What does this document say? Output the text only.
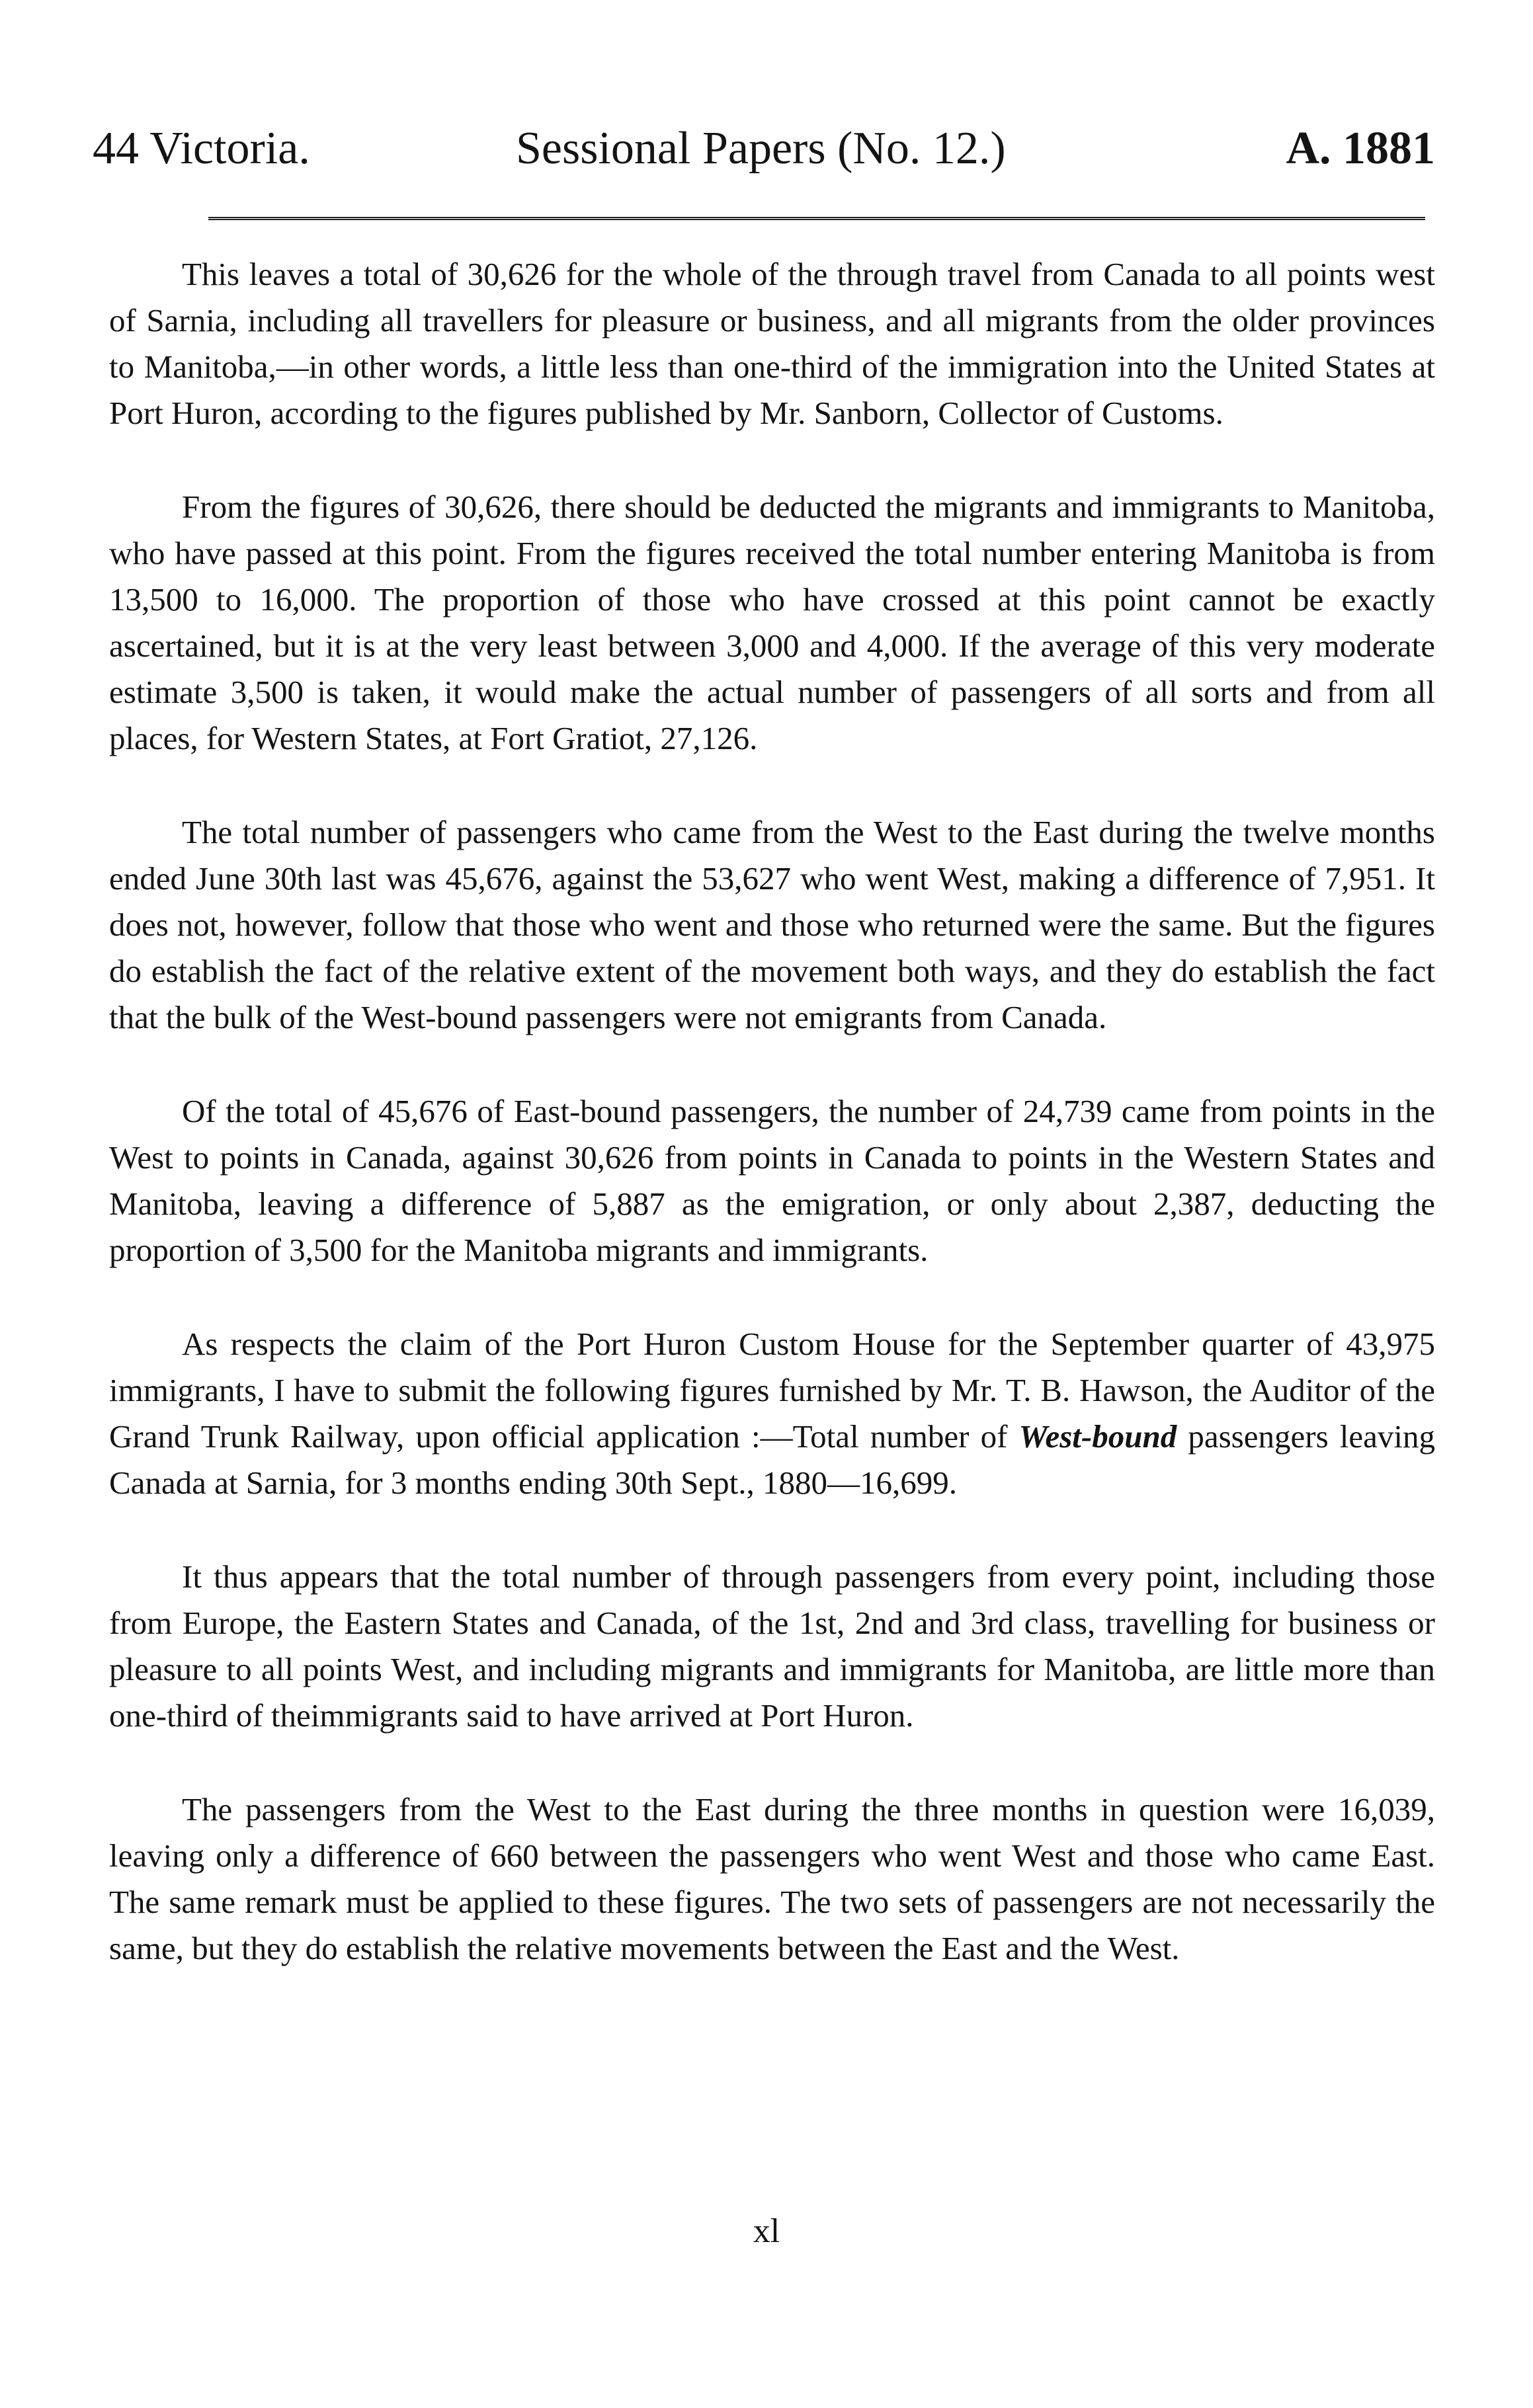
44 Victoria.	Sessional Papers (No. 12.)	A. 1881

This leaves a total of 30,626 for the whole of the through travel from Canada to all points west of Sarnia, including all travellers for pleasure or business, and all migrants from the older provinces to Manitoba,—in other words, a little less than one-third of the immigration into the United States at Port Huron, according to the figures published by Mr. Sanborn, Collector of Customs.

From the figures of 30,626, there should be deducted the migrants and immigrants to Manitoba, who have passed at this point. From the figures received the total number entering Manitoba is from 13,500 to 16,000. The proportion of those who have crossed at this point cannot be exactly ascertained, but it is at the very least between 3,000 and 4,000. If the average of this very moderate estimate 3,500 is taken, it would make the actual number of passengers of all sorts and from all places, for Western States, at Fort Gratiot, 27,126.

The total number of passengers who came from the West to the East during the twelve months ended June 30th last was 45,676, against the 53,627 who went West, making a difference of 7,951. It does not, however, follow that those who went and those who returned were the same. But the figures do establish the fact of the relative extent of the movement both ways, and they do establish the fact that the bulk of the West-bound passengers were not emigrants from Canada.

Of the total of 45,676 of East-bound passengers, the number of 24,739 came from points in the West to points in Canada, against 30,626 from points in Canada to points in the Western States and Manitoba, leaving a difference of 5,887 as the emigration, or only about 2,387, deducting the proportion of 3,500 for the Manitoba migrants and immigrants.

As respects the claim of the Port Huron Custom House for the September quarter of 43,975 immigrants, I have to submit the following figures furnished by Mr. T. B. Hawson, the Auditor of the Grand Trunk Railway, upon official application :—Total number of West-bound passengers leaving Canada at Sarnia, for 3 months ending 30th Sept., 1880—16,699.

It thus appears that the total number of through passengers from every point, including those from Europe, the Eastern States and Canada, of the 1st, 2nd and 3rd class, travelling for business or pleasure to all points West, and including migrants and immigrants for Manitoba, are little more than one-third of theimmigrants said to have arrived at Port Huron.

The passengers from the West to the East during the three months in question were 16,039, leaving only a difference of 660 between the passengers who went West and those who came East. The same remark must be applied to these figures. The two sets of passengers are not necessarily the same, but they do establish the relative movements between the East and the West.

xl
